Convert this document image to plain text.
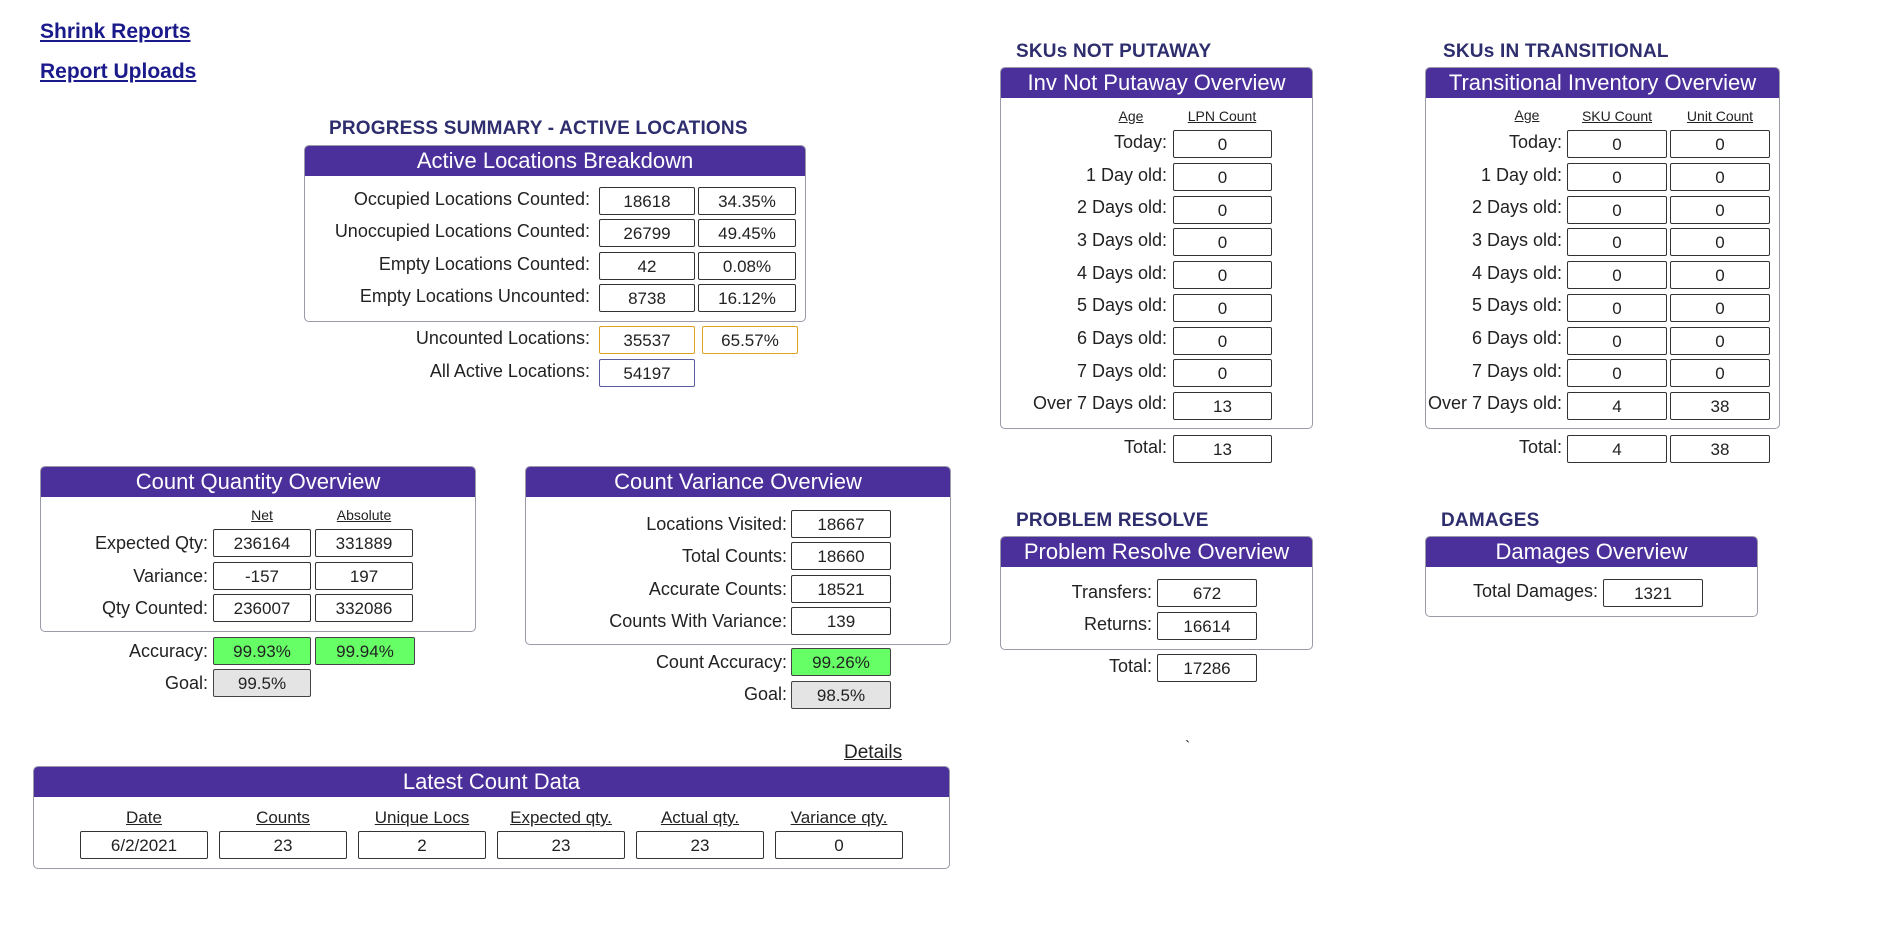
Shrink Reports
Report Uploads
PROGRESS SUMMARY - ACTIVE LOCATIONS
Active Locations Breakdown
Occupied Locations Counted:	18618	34.35%
Unoccupied Locations Counted:	26799	49.45%
Empty Locations Counted:	42	0.08%
Empty Locations Uncounted:	8738	16.12%
Uncounted Locations:	35537	65.57%
All Active Locations:	54197
Count Quantity Overview
Net	Absolute
Expected Qty:	236164	331889
Variance:	-157	197
Qty Counted:	236007	332086
Accuracy:	99.93%	99.94%
Goal:	99.5%
Count Variance Overview
Locations Visited:	18667
Total Counts:	18660
Accurate Counts:	18521
Counts With Variance:	139
Count Accuracy:	99.26%
Goal:	98.5%
Details
Latest Count Data
Date	Counts	Unique Locs	Expected qty.	Actual qty.	Variance qty.
6/2/2021	23	2	23	23	0
SKUs NOT PUTAWAY
Inv Not Putaway Overview
Age	LPN Count
Today:	0
1 Day old:	0
2 Days old:	0
3 Days old:	0
4 Days old:	0
5 Days old:	0
6 Days old:	0
7 Days old:	0
Over 7 Days old:	13
Total:	13
SKUs IN TRANSITIONAL
Transitional Inventory Overview
Age	SKU Count	Unit Count
Today:	0	0
1 Day old:	0	0
2 Days old:	0	0
3 Days old:	0	0
4 Days old:	0	0
5 Days old:	0	0
6 Days old:	0	0
7 Days old:	0	0
Over 7 Days old:	4	38
Total:	4	38
PROBLEM RESOLVE
Problem Resolve Overview
Transfers:	672
Returns:	16614
Total:	17286
`
DAMAGES
Damages Overview
Total Damages:	1321
